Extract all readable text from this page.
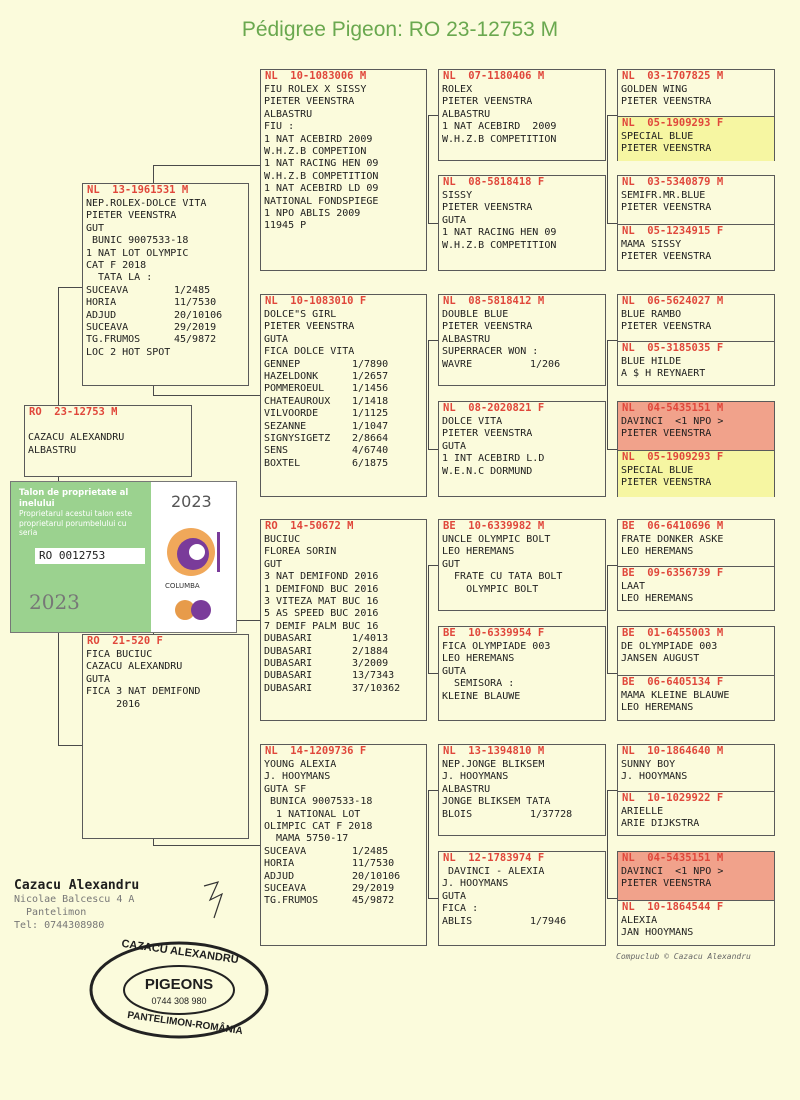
Pédigree Pigeon: RO 23-12753 M
RO  23-12753 M
CAZACU ALEXANDRU
ALBASTRU
NL  13-1961531 M
NEP.ROLEX-DOLCE VITA
PIETER VEENSTRA
GUT
BUNIC 9007533-18
1 NAT LOT OLYMPIC
CAT F 2018
TATA LA :
SUCEAVA	1/2485
HORIA	11/7530
ADJUD	20/10106
SUCEAVA	29/2019
TG.FRUMOS	45/9872
LOC 2 HOT SPOT
RO  21-520 F
FICA BUCIUC
CAZACU ALEXANDRU
GUTA
FICA 3 NAT DEMIFOND
2016
NL  10-1083006 M
FIU ROLEX X SISSY
PIETER VEENSTRA
ALBASTRU
FIU :
1 NAT ACEBIRD 2009
W.H.Z.B COMPETION
1 NAT RACING HEN 09
W.H.Z.B COMPETITION
1 NAT ACEBIRD LD 09
NATIONAL FONDSPIEGE
1 NPO ABLIS 2009
11945 P
NL  10-1083010 F
DOLCE"S GIRL
PIETER VEENSTRA
GUTA
FICA DOLCE VITA
GENNEP	1/7890
HAZELDONK	1/2657
POMMEROEUL	1/1456
CHATEAUROUX 1/1418
VILVOORDE	1/1125
SEZANNE	1/1047
SIGNYSIGETZ 2/8664
SENS	4/6740
BOXTEL	6/1875
RO  14-50672 M
BUCIUC
FLOREA SORIN
GUT
3 NAT DEMIFOND 2016
1 DEMIFOND BUC 2016
3 VITEZA MAT BUC 16
5 AS SPEED BUC 2016
7 DEMIF PALM BUC 16
DUBASARI	1/4013
DUBASARI	2/1884
DUBASARI	3/2009
DUBASARI	13/7343
DUBASARI	37/10362
NL  14-1209736 F
YOUNG ALEXIA
J. HOOYMANS
GUTA SF
BUNICA 9007533-18
1 NATIONAL LOT
OLIMPIC CAT F 2018
MAMA 5750-17
SUCEAVA	1/2485
HORIA	11/7530
ADJUD	20/10106
SUCEAVA	29/2019
TG.FRUMOS	45/9872
NL  07-1180406 M
ROLEX
PIETER VEENSTRA
ALBASTRU
1 NAT ACEBIRD  2009
W.H.Z.B COMPETITION
NL  08-5818418 F
SISSY
PIETER VEENSTRA
GUTA
1 NAT RACING HEN 09
W.H.Z.B COMPETITION
NL  08-5818412 M
DOUBLE BLUE
PIETER VEENSTRA
ALBASTRU
SUPERRACER WON :
WAVRE	1/206
NL  08-2020821 F
DOLCE VITA
PIETER VEENSTRA
GUTA
1 INT ACEBIRD L.D
W.E.N.C DORMUND
BE  10-6339982 M
UNCLE OLYMPIC BOLT
LEO HEREMANS
GUT
FRATE CU TATA BOLT
OLYMPIC BOLT
BE  10-6339954 F
FICA OLYMPIADE 003
LEO HEREMANS
GUTA
SEMISORA :
KLEINE BLAUWE
NL  13-1394810 M
NEP.JONGE BLIKSEM
J. HOOYMANS
ALBASTRU
JONGE BLIKSEM TATA
BLOIS	1/37728
NL  12-1783974 F
DAVINCI - ALEXIA
J. HOOYMANS
GUTA
FICA :
ABLIS	1/7946
NL  03-1707825 M
GOLDEN WING
PIETER VEENSTRA
NL  05-1909293 F
SPECIAL BLUE
PIETER VEENSTRA
NL  03-5340879 M
SEMIFR.MR.BLUE
PIETER VEENSTRA
NL  05-1234915 F
MAMA SISSY
PIETER VEENSTRA
NL  06-5624027 M
BLUE RAMBO
PIETER VEENSTRA
NL  05-3185035 F
BLUE HILDE
A $ H REYNAERT
NL  04-5435151 M
DAVINCI  <1 NPO >
PIETER VEENSTRA
NL  05-1909293 F
SPECIAL BLUE
PIETER VEENSTRA
BE  06-6410696 M
FRATE DONKER ASKE
LEO HEREMANS
BE  09-6356739 F
LAAT
LEO HEREMANS
BE  01-6455003 M
DE OLYMPIADE 003
JANSEN AUGUST
BE  06-6405134 F
MAMA KLEINE BLAUWE
LEO HEREMANS
NL  10-1864640 M
SUNNY BOY
J. HOOYMANS
NL  10-1029922 F
ARIELLE
ARIE DIJKSTRA
NL  04-5435151 M
DAVINCI  <1 NPO >
PIETER VEENSTRA
NL  10-1864544 F
ALEXIA
JAN HOOYMANS
2023
COLUMBA
Talon de proprietate al inelului
Proprietarul acestui talon este proprietarul porumbelului cu seria
RO 0012753
2023
Cazacu Alexandru
Nicolae Balcescu 4 A
Pantelimon
Tel: 0744308980
CAZACU ALEXANDRU
PIGEONS
0744 308 980
PANTELIMON-ROMÂNIA
Compuclub © Cazacu Alexandru
